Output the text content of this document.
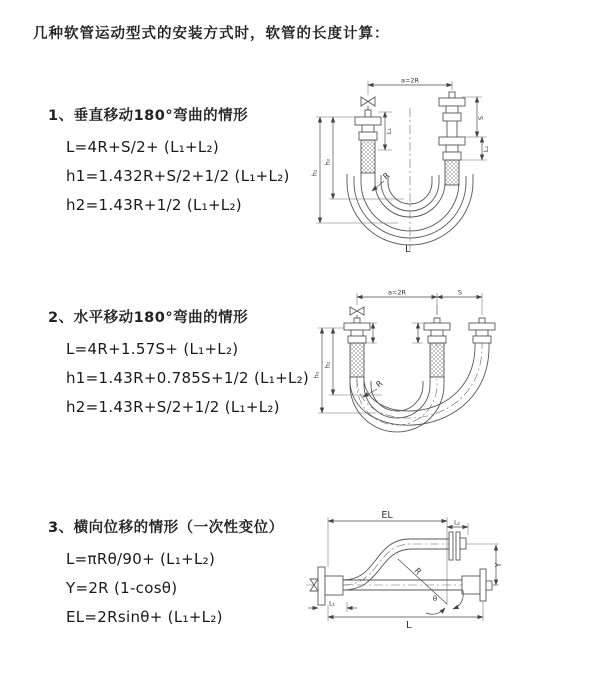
几种软管运动型式的安装方式时，软管的长度计算：
1、垂直移动180°弯曲的情形
L=4R+S/2+ (L₁+L₂)
h1=1.432R+S/2+1/2 (L₁+L₂)
h2=1.43R+1/2 (L₁+L₂)
2、水平移动180°弯曲的情形
L=4R+1.57S+ (L₁+L₂)
h1=1.43R+0.785S+1/2 (L₁+L₂)
h2=1.43R+S/2+1/2 (L₁+L₂)
3、横向位移的情形（一次性变位）
L=πRθ/90+ (L₁+L₂)
Y=2R (1-cosθ)
EL=2Rsinθ+ (L₁+L₂)
a=2R
L₁
h₁
h₂
S
L₂
R
L
a=2R	S
h₁
h₂
R
EL
L₂
Y
R
θ
L₁
L
